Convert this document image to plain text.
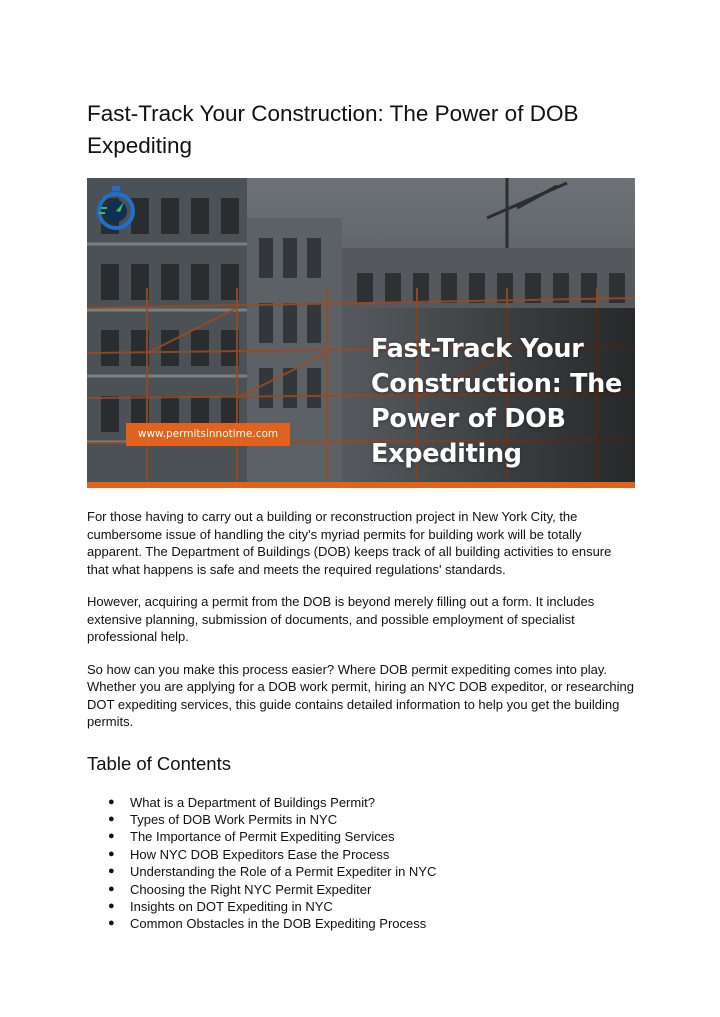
Fast-Track Your Construction: The Power of DOB Expediting
Fast-Track Your
Construction: The
Power of DOB
Expediting
www.permitsinnotime.com

For those having to carry out a building or reconstruction project in New York City, the cumbersome issue of handling the city's myriad permits for building work will be totally apparent. The Department of Buildings (DOB) keeps track of all building activities to ensure that what happens is safe and meets the required regulations' standards.

However, acquiring a permit from the DOB is beyond merely filling out a form. It includes extensive planning, submission of documents, and possible employment of specialist professional help.

So how can you make this process easier? Where DOB permit expediting comes into play. Whether you are applying for a DOB work permit, hiring an NYC DOB expeditor, or researching DOT expediting services, this guide contains detailed information to help you get the building permits.

Table of Contents
● What is a Department of Buildings Permit?
● Types of DOB Work Permits in NYC
● The Importance of Permit Expediting Services
● How NYC DOB Expeditors Ease the Process
● Understanding the Role of a Permit Expediter in NYC
● Choosing the Right NYC Permit Expediter
● Insights on DOT Expediting in NYC
● Common Obstacles in the DOB Expediting Process
